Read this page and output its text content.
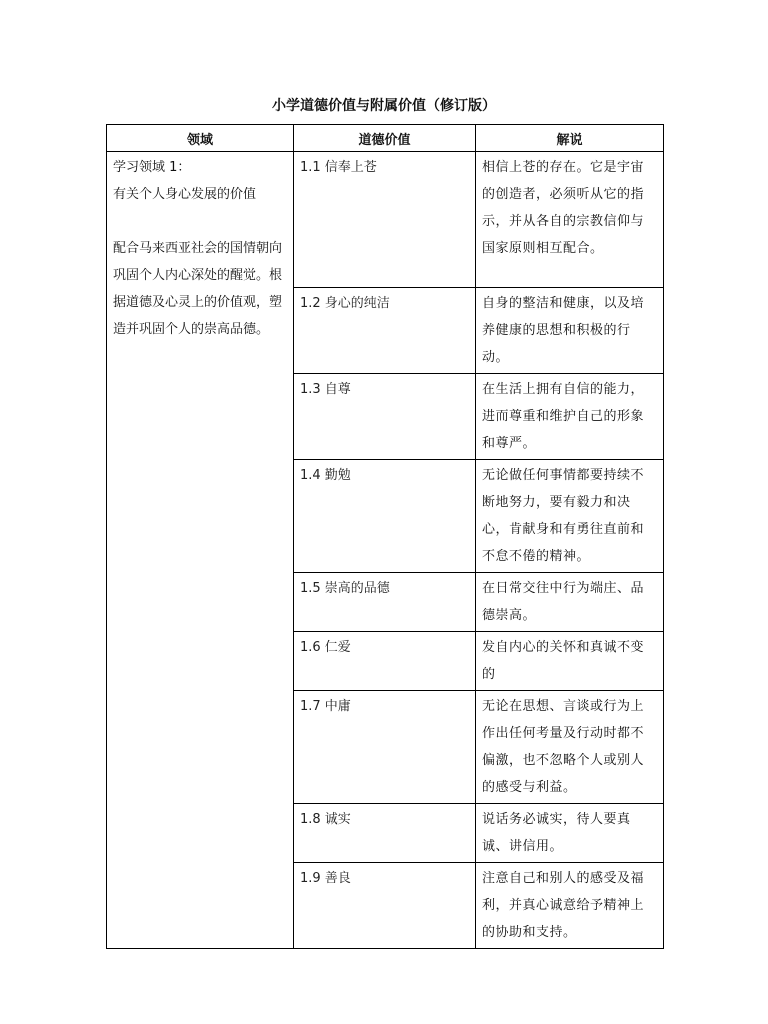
小学道德价值与附属价值（修订版）
领域	道德价值	解说

学习领域 1：
有关个人身心发展的价值
配合马来西亚社会的国情朝向巩固个人内心深处的醒觉。根据道德及心灵上的价值观，塑造并巩固个人的崇高品德。	1.1 信奉上苍	相信上苍的存在。它是宇宙的创造者，必须听从它的指示，并从各自的宗教信仰与国家原则相互配合。
	1.2 身心的纯洁	自身的整洁和健康，以及培养健康的思想和积极的行动。
	1.3 自尊	在生活上拥有自信的能力，进而尊重和维护自己的形象和尊严。
	1.4 勤勉	无论做任何事情都要持续不断地努力，要有毅力和决心，肯献身和有勇往直前和不怠不倦的精神。
	1.5 崇高的品德	在日常交往中行为端庄、品德崇高。
	1.6 仁爱	发自内心的关怀和真诚不变的
	1.7 中庸	无论在思想、言谈或行为上作出任何考量及行动时都不偏激，也不忽略个人或别人的感受与利益。
	1.8 诚实	说话务必诚实，待人要真诚、讲信用。
	1.9 善良	注意自己和别人的感受及福利，并真心诚意给予精神上的协助和支持。
